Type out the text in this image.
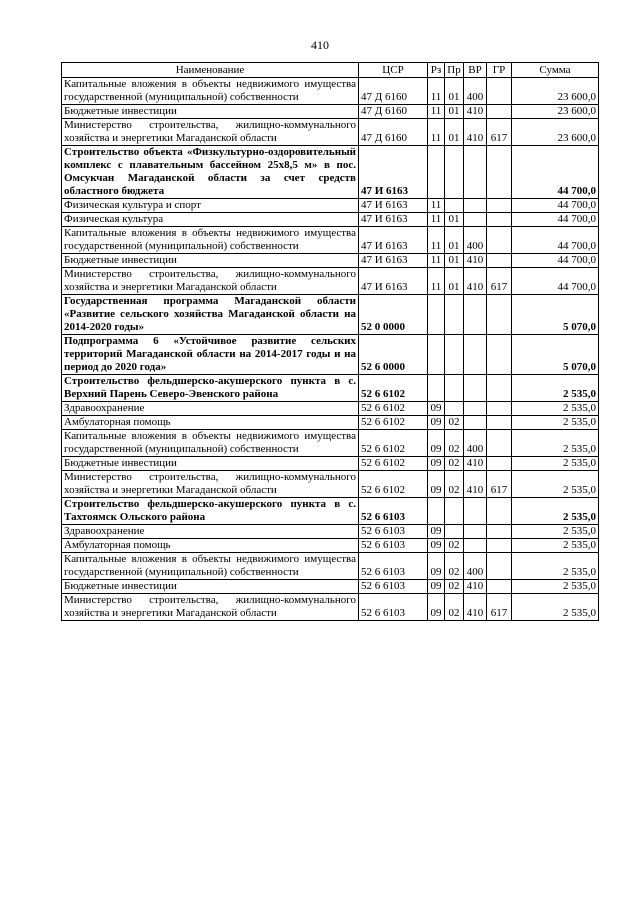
410
Наименование	ЦСР	Рз	Пр	ВР	ГР	Сумма
Капитальные вложения в объекты недвижимого имущества государственной (муниципальной) собственности	47 Д 6160	11	01	400		23 600,0
Бюджетные инвестиции	47 Д 6160	11	01	410		23 600,0
Министерство строительства, жилищно-коммунального хозяйства и энергетики Магаданской области	47 Д 6160	11	01	410	617	23 600,0
Строительство объекта «Физкультурно-оздоровительный комплекс с плавательным бассейном 25х8,5 м» в пос. Омсукчан Магаданской области за счет средств областного бюджета	47 И 6163					44 700,0
Физическая культура и спорт	47 И 6163	11				44 700,0
Физическая культура	47 И 6163	11	01			44 700,0
Капитальные вложения в объекты недвижимого имущества государственной (муниципальной) собственности	47 И 6163	11	01	400		44 700,0
Бюджетные инвестиции	47 И 6163	11	01	410		44 700,0
Министерство строительства, жилищно-коммунального хозяйства и энергетики Магаданской области	47 И 6163	11	01	410	617	44 700,0
Государственная программа Магаданской области «Развитие сельского хозяйства Магаданской области на 2014-2020 годы»	52 0 0000					5 070,0
Подпрограмма 6 «Устойчивое развитие сельских территорий Магаданской области на 2014-2017 годы и на период до 2020 года»	52 6 0000					5 070,0
Строительство фельдшерско-акушерского пункта в с. Верхний Парень Северо-Эвенского района	52 6 6102					2 535,0
Здравоохранение	52 6 6102	09				2 535,0
Амбулаторная помощь	52 6 6102	09	02			2 535,0
Капитальные вложения в объекты недвижимого имущества государственной (муниципальной) собственности	52 6 6102	09	02	400		2 535,0
Бюджетные инвестиции	52 6 6102	09	02	410		2 535,0
Министерство строительства, жилищно-коммунального хозяйства и энергетики Магаданской области	52 6 6102	09	02	410	617	2 535,0
Строительство фельдшерско-акушерского пункта в с. Тахтоямск Ольского района	52 6 6103					2 535,0
Здравоохранение	52 6 6103	09				2 535,0
Амбулаторная помощь	52 6 6103	09	02			2 535,0
Капитальные вложения в объекты недвижимого имущества государственной (муниципальной) собственности	52 6 6103	09	02	400		2 535,0
Бюджетные инвестиции	52 6 6103	09	02	410		2 535,0
Министерство строительства, жилищно-коммунального хозяйства и энергетики Магаданской области	52 6 6103	09	02	410	617	2 535,0
